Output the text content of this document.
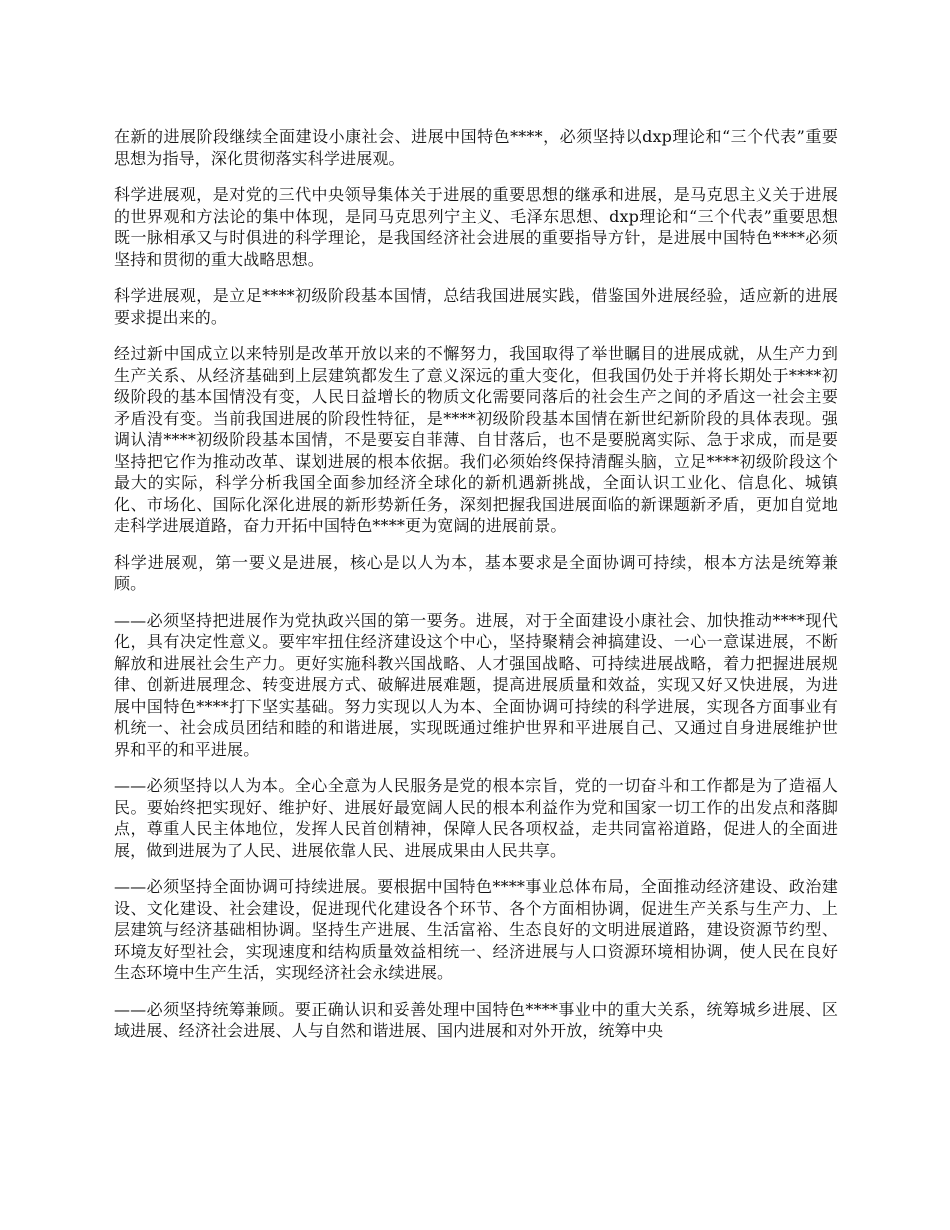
在新的进展阶段继续全面建设小康社会、进展中国特色****，必须坚持以dxp理论和“三个代表”重要思想为指导，深化贯彻落实科学进展观。

科学进展观，是对党的三代中央领导集体关于进展的重要思想的继承和进展，是马克思主义关于进展的世界观和方法论的集中体现，是同马克思列宁主义、毛泽东思想、dxp理论和“三个代表”重要思想既一脉相承又与时俱进的科学理论，是我国经济社会进展的重要指导方针，是进展中国特色****必须坚持和贯彻的重大战略思想。

科学进展观，是立足****初级阶段基本国情，总结我国进展实践，借鉴国外进展经验，适应新的进展要求提出来的。

经过新中国成立以来特别是改革开放以来的不懈努力，我国取得了举世瞩目的进展成就，从生产力到生产关系、从经济基础到上层建筑都发生了意义深远的重大变化，但我国仍处于并将长期处于****初级阶段的基本国情没有变，人民日益增长的物质文化需要同落后的社会生产之间的矛盾这一社会主要矛盾没有变。当前我国进展的阶段性特征，是****初级阶段基本国情在新世纪新阶段的具体表现。强调认清****初级阶段基本国情，不是要妄自菲薄、自甘落后，也不是要脱离实际、急于求成，而是要坚持把它作为推动改革、谋划进展的根本依据。我们必须始终保持清醒头脑，立足****初级阶段这个最大的实际，科学分析我国全面参加经济全球化的新机遇新挑战，全面认识工业化、信息化、城镇化、市场化、国际化深化进展的新形势新任务，深刻把握我国进展面临的新课题新矛盾，更加自觉地走科学进展道路，奋力开拓中国特色****更为宽阔的进展前景。

科学进展观，第一要义是进展，核心是以人为本，基本要求是全面协调可持续，根本方法是统筹兼顾。

——必须坚持把进展作为党执政兴国的第一要务。进展，对于全面建设小康社会、加快推动****现代化，具有决定性意义。要牢牢扭住经济建设这个中心，坚持聚精会神搞建设、一心一意谋进展，不断解放和进展社会生产力。更好实施科教兴国战略、人才强国战略、可持续进展战略，着力把握进展规律、创新进展理念、转变进展方式、破解进展难题，提高进展质量和效益，实现又好又快进展，为进展中国特色****打下坚实基础。努力实现以人为本、全面协调可持续的科学进展，实现各方面事业有机统一、社会成员团结和睦的和谐进展，实现既通过维护世界和平进展自己、又通过自身进展维护世界和平的和平进展。

——必须坚持以人为本。全心全意为人民服务是党的根本宗旨，党的一切奋斗和工作都是为了造福人民。要始终把实现好、维护好、进展好最宽阔人民的根本利益作为党和国家一切工作的出发点和落脚点，尊重人民主体地位，发挥人民首创精神，保障人民各项权益，走共同富裕道路，促进人的全面进展，做到进展为了人民、进展依靠人民、进展成果由人民共享。

——必须坚持全面协调可持续进展。要根据中国特色****事业总体布局，全面推动经济建设、政治建设、文化建设、社会建设，促进现代化建设各个环节、各个方面相协调，促进生产关系与生产力、上层建筑与经济基础相协调。坚持生产进展、生活富裕、生态良好的文明进展道路，建设资源节约型、环境友好型社会，实现速度和结构质量效益相统一、经济进展与人口资源环境相协调，使人民在良好生态环境中生产生活，实现经济社会永续进展。

——必须坚持统筹兼顾。要正确认识和妥善处理中国特色****事业中的重大关系，统筹城乡进展、区域进展、经济社会进展、人与自然和谐进展、国内进展和对外开放，统筹中央
